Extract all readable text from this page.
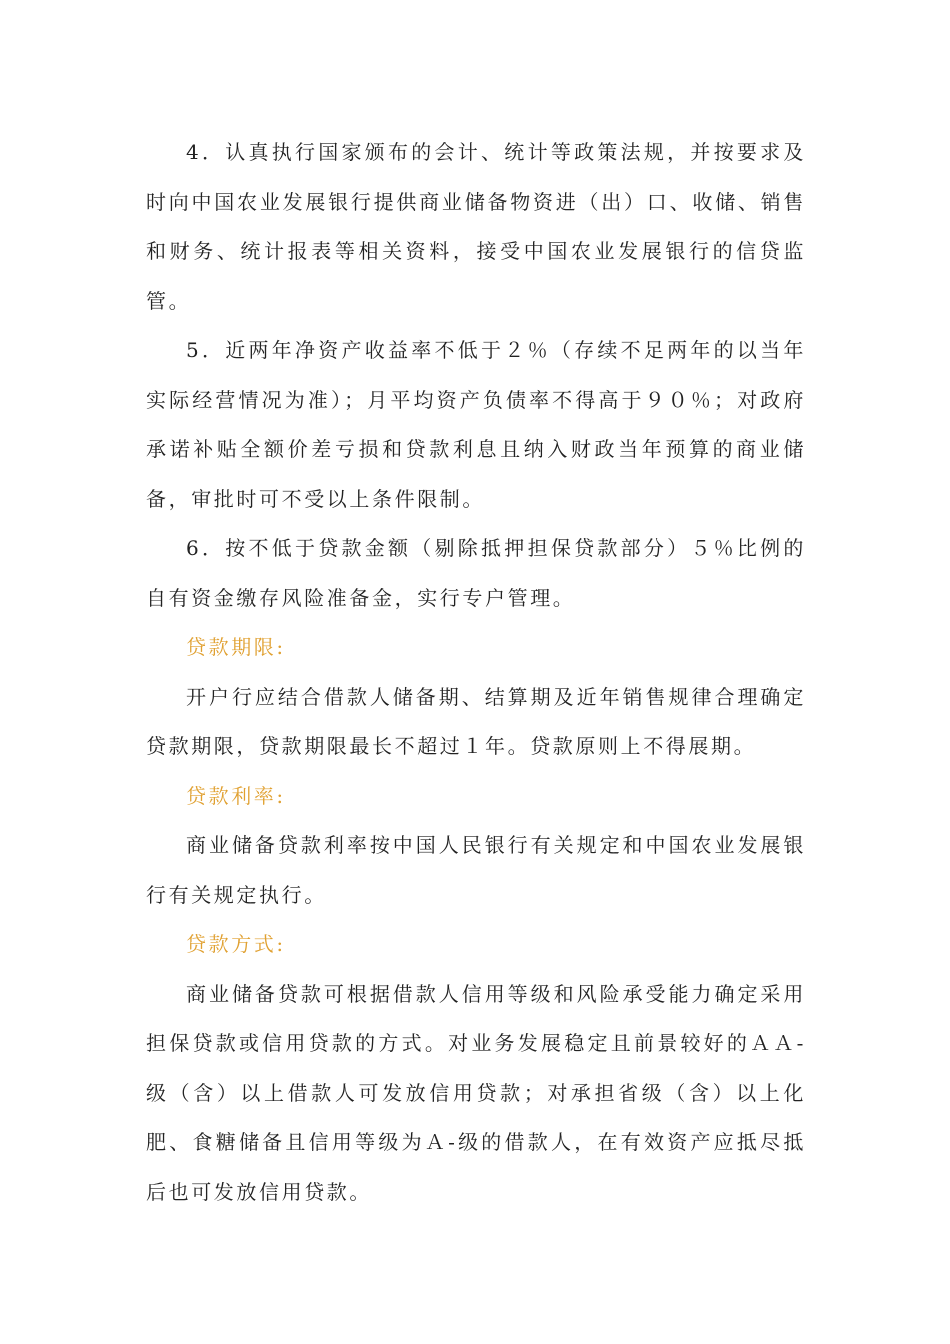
4．认真执行国家颁布的会计、统计等政策法规，并按要求及时向中国农业发展银行提供商业储备物资进（出）口、收储、销售和财务、统计报表等相关资料，接受中国农业发展银行的信贷监管。

5．近两年净资产收益率不低于２％（存续不足两年的以当年实际经营情况为准）；月平均资产负债率不得高于９０％；对政府承诺补贴全额价差亏损和贷款利息且纳入财政当年预算的商业储备，审批时可不受以上条件限制。

6．按不低于贷款金额（剔除抵押担保贷款部分）５％比例的自有资金缴存风险准备金，实行专户管理。

贷款期限:

开户行应结合借款人储备期、结算期及近年销售规律合理确定贷款期限，贷款期限最长不超过１年。贷款原则上不得展期。

贷款利率:

商业储备贷款利率按中国人民银行有关规定和中国农业发展银行有关规定执行。

贷款方式:

商业储备贷款可根据借款人信用等级和风险承受能力确定采用担保贷款或信用贷款的方式。对业务发展稳定且前景较好的ＡＡ-级（含）以上借款人可发放信用贷款；对承担省级（含）以上化肥、食糖储备且信用等级为Ａ-级的借款人，在有效资产应抵尽抵后也可发放信用贷款。
